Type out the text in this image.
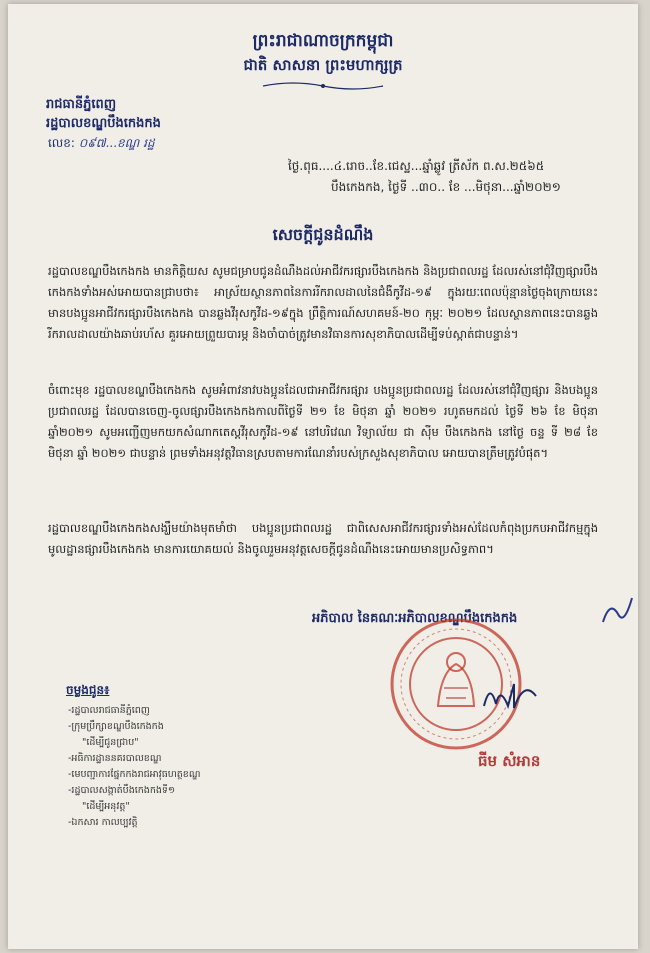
ព្រះរាជាណាចក្រកម្ពុជា
ជាតិ សាសនា ព្រះមហាក្សត្រ
រាជធានីភ្នំពេញ
រដ្ឋបាលខណ្ឌបឹងកេងកង
លេខ: ០៩៧...ខណ្ឌ រដ្ឋ
ថ្ងៃ.ពុធ....៤.រោច..ខែ.ជេស្ឋ...ឆ្នាំឆ្លូវ ត្រីស័ក ព.ស.២៥៦៥
បឹងកេងកង, ថ្ងៃទី ..៣០.. ខែ ...មិថុនា...ឆ្នាំ២០២១
សេចក្តីជូនដំណឹង
រដ្ឋបាលខណ្ឌបឹងកេងកង មានកិត្តិយស សូមជម្រាបជូនដំណឹងដល់អាជីវករផ្សារបឹងកេងកង និងប្រជាពលរដ្ឋ ដែលរស់នៅជុំវិញផ្សារបឹងកេងកងទាំងអស់អោយបានជ្រាបថា៖ អាស្រ័យស្ថានភាពនៃការរីករាលដាលនៃជំងឺកូវីដ-១៩ ក្នុងរយៈពេលប៉ុន្មានថ្ងៃចុងក្រោយនេះ មានបងប្អូនអាជីវករផ្សារបឹងកេងកង បានឆ្លងវីរុសកូវីដ-១៩ក្នុង ព្រឹត្តិការណ៍សហគមន៍-២០ កុម្ភៈ ២០២១ ដែលស្ថានភាពនេះបានឆ្លងរីករាលដាលយ៉ាងឆាប់រហ័ស គួរអោយព្រួយបារម្ភ និងចាំបាច់ត្រូវមានវិធានការសុខាភិបាលដើម្បីទប់ស្កាត់ជាបន្ទាន់។
ចំពោះមុខ រដ្ឋបាលខណ្ឌបឹងកេងកង សូមអំពាវនាវបងប្អូនដែលជាអាជីវករផ្សារ បងប្អូនប្រជាពលរដ្ឋ ដែលរស់នៅជុំវិញផ្សារ និងបងប្អូនប្រជាពលរដ្ឋ ដែលបានចេញ-ចូលផ្សារបឹងកេងកងកាលពីថ្ងៃទី ២១ ខែ មិថុនា ឆ្នាំ ២០២១ រហូតមកដល់ ថ្ងៃទី ២៦ ខែ មិថុនា ឆ្នាំ២០២១ សូមអញ្ជើញមកយកសំណាកតេស្តវីរុសកូវីដ-១៩ នៅបរិវេណ វិទ្យាល័យ ជា ស៊ីម បឹងកេងកង នៅថ្ងៃ ចន្ទ ទី ២៨ ខែ មិថុនា ឆ្នាំ ២០២១ ជាបន្ទាន់ ព្រមទាំងអនុវត្តវិធានស្របតាមការណែនាំរបស់ក្រសួងសុខាភិបាល អោយបានត្រឹមត្រូវបំផុត។
រដ្ឋបាលខណ្ឌបឹងកេងកងសង្ឃឹមយ៉ាងមុតមាំថា បងប្អូនប្រជាពលរដ្ឋ ជាពិសេសអាជីវករផ្សារទាំងអស់ដែលកំពុងប្រកបអាជីវកម្មក្នុងមូលដ្ឋានផ្សារបឹងកេងកង មានការយោគយល់ និងចូលរួមអនុវត្តសេចក្តីជូនដំណឹងនេះអោយមានប្រសិទ្ធភាព។
អភិបាល នៃគណៈអភិបាលខណ្ឌបឹងកេងកង
ធីម សំអាន
ចម្លងជូន៖
-រដ្ឋបាលរាជធានីភ្នំពេញ
-ក្រុមប្រឹក្សាខណ្ឌបឹងកេងកង
"ដើម្បីជូនជ្រាប"
-អធិការដ្ឋាននគរបាលខណ្ឌ
-មេបញ្ជាការផ្នែកកងរាជអាវុធហត្ថខណ្ឌ
-រដ្ឋបាលសង្កាត់បឹងកេងកងទី១
"ដើម្បីអនុវត្ត"
-ឯកសារ កាលប្បវត្តិ
